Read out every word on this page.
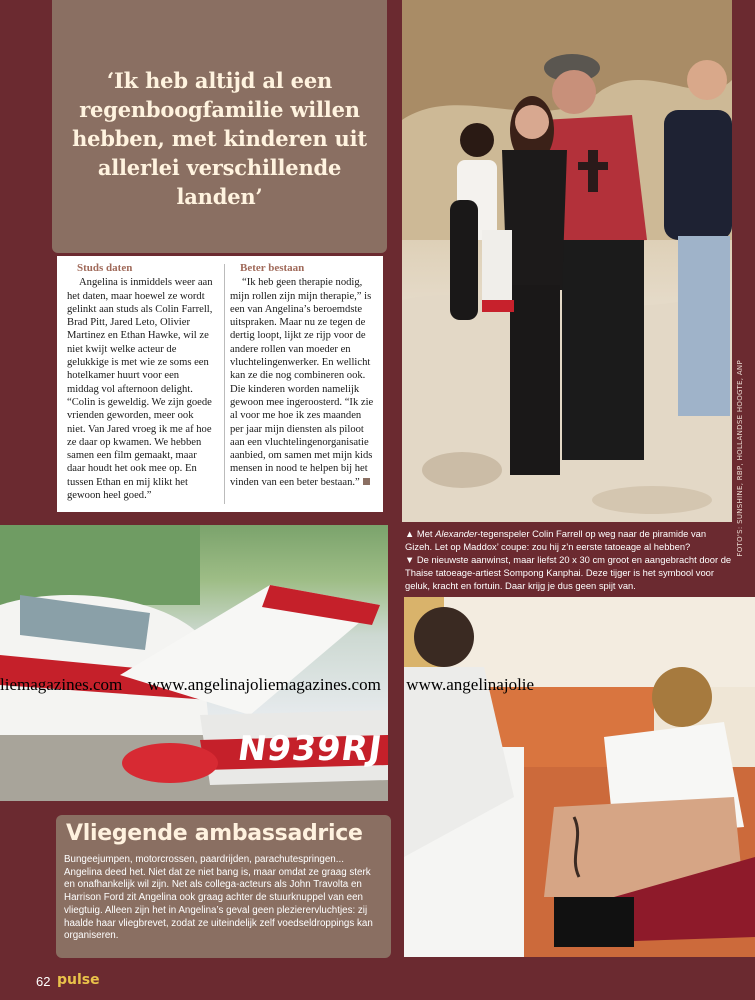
‘Ik heb altijd al een regenboogfamilie willen hebben, met kinderen uit allerlei verschillende landen’
Studs daten

Angelina is inmiddels weer aan het daten, maar hoewel ze wordt gelinkt aan studs als Colin Farrell, Brad Pitt, Jared Leto, Olivier Martinez en Ethan Hawke, wil ze niet kwijt welke acteur de gelukkige is met wie ze soms een hotelkamer huurt voor een middag vol afternoon delight. “Colin is geweldig. We zijn goede vrienden geworden, meer ook niet. Van Jared vroeg ik me af hoe ze daar op kwamen. We hebben samen een film gemaakt, maar daar houdt het ook mee op. En tussen Ethan en mij klikt het gewoon heel goed.”

Beter bestaan

“Ik heb geen therapie nodig, mijn rollen zijn mijn therapie,” is een van Angelina’s beroemdste uitspraken. Maar nu ze tegen de dertig loopt, lijkt ze rijp voor de andere rollen van moeder en vluchtelingenwerker. En wellicht kan ze die nog combineren ook. Die kinderen worden namelijk gewoon mee ingeroosterd. “Ik zie al voor me hoe ik zes maanden per jaar mijn diensten als piloot aan een vluchtelingenorganisatie aanbied, om samen met mijn kids mensen in nood te helpen bij het vinden van een beter bestaan.”	FOTO'S: SUNSHINE, RBP, HOLLANDSE HOOGTE, ANP
▲ Met Alexander-tegenspeler Colin Farrell op weg naar de piramide van Gizeh. Let op Maddox’ coupe: zou hij z’n eerste tatoeage al hebben?
▼ De nieuwste aanwinst, maar liefst 20 x 30 cm groot en aangebracht door de Thaise tatoeage-artiest Sompong Kanphai. Deze tijger is het symbool voor geluk, kracht en fortuin. Daar krijg je dus geen spijt van.
N939RJ
liemagazines.com      www.angelinajoliemagazines.com      www.angelinajolie
Vliegende ambassadrice

Bungeejumpen, motorcrossen, paardrijden, parachutespringen... Angelina deed het. Niet dat ze niet bang is, maar omdat ze graag sterk en onafhankelijk wil zijn. Net als collega-acteurs als John Travolta en Harrison Ford zit Angelina ook graag achter de stuurknuppel van een vliegtuig. Alleen zijn het in Angelina’s geval geen plezierervluchtjes: zij haalde haar vliegbrevet, zodat ze uiteindelijk zelf voedseldroppings kan organiseren.

62 pulse
